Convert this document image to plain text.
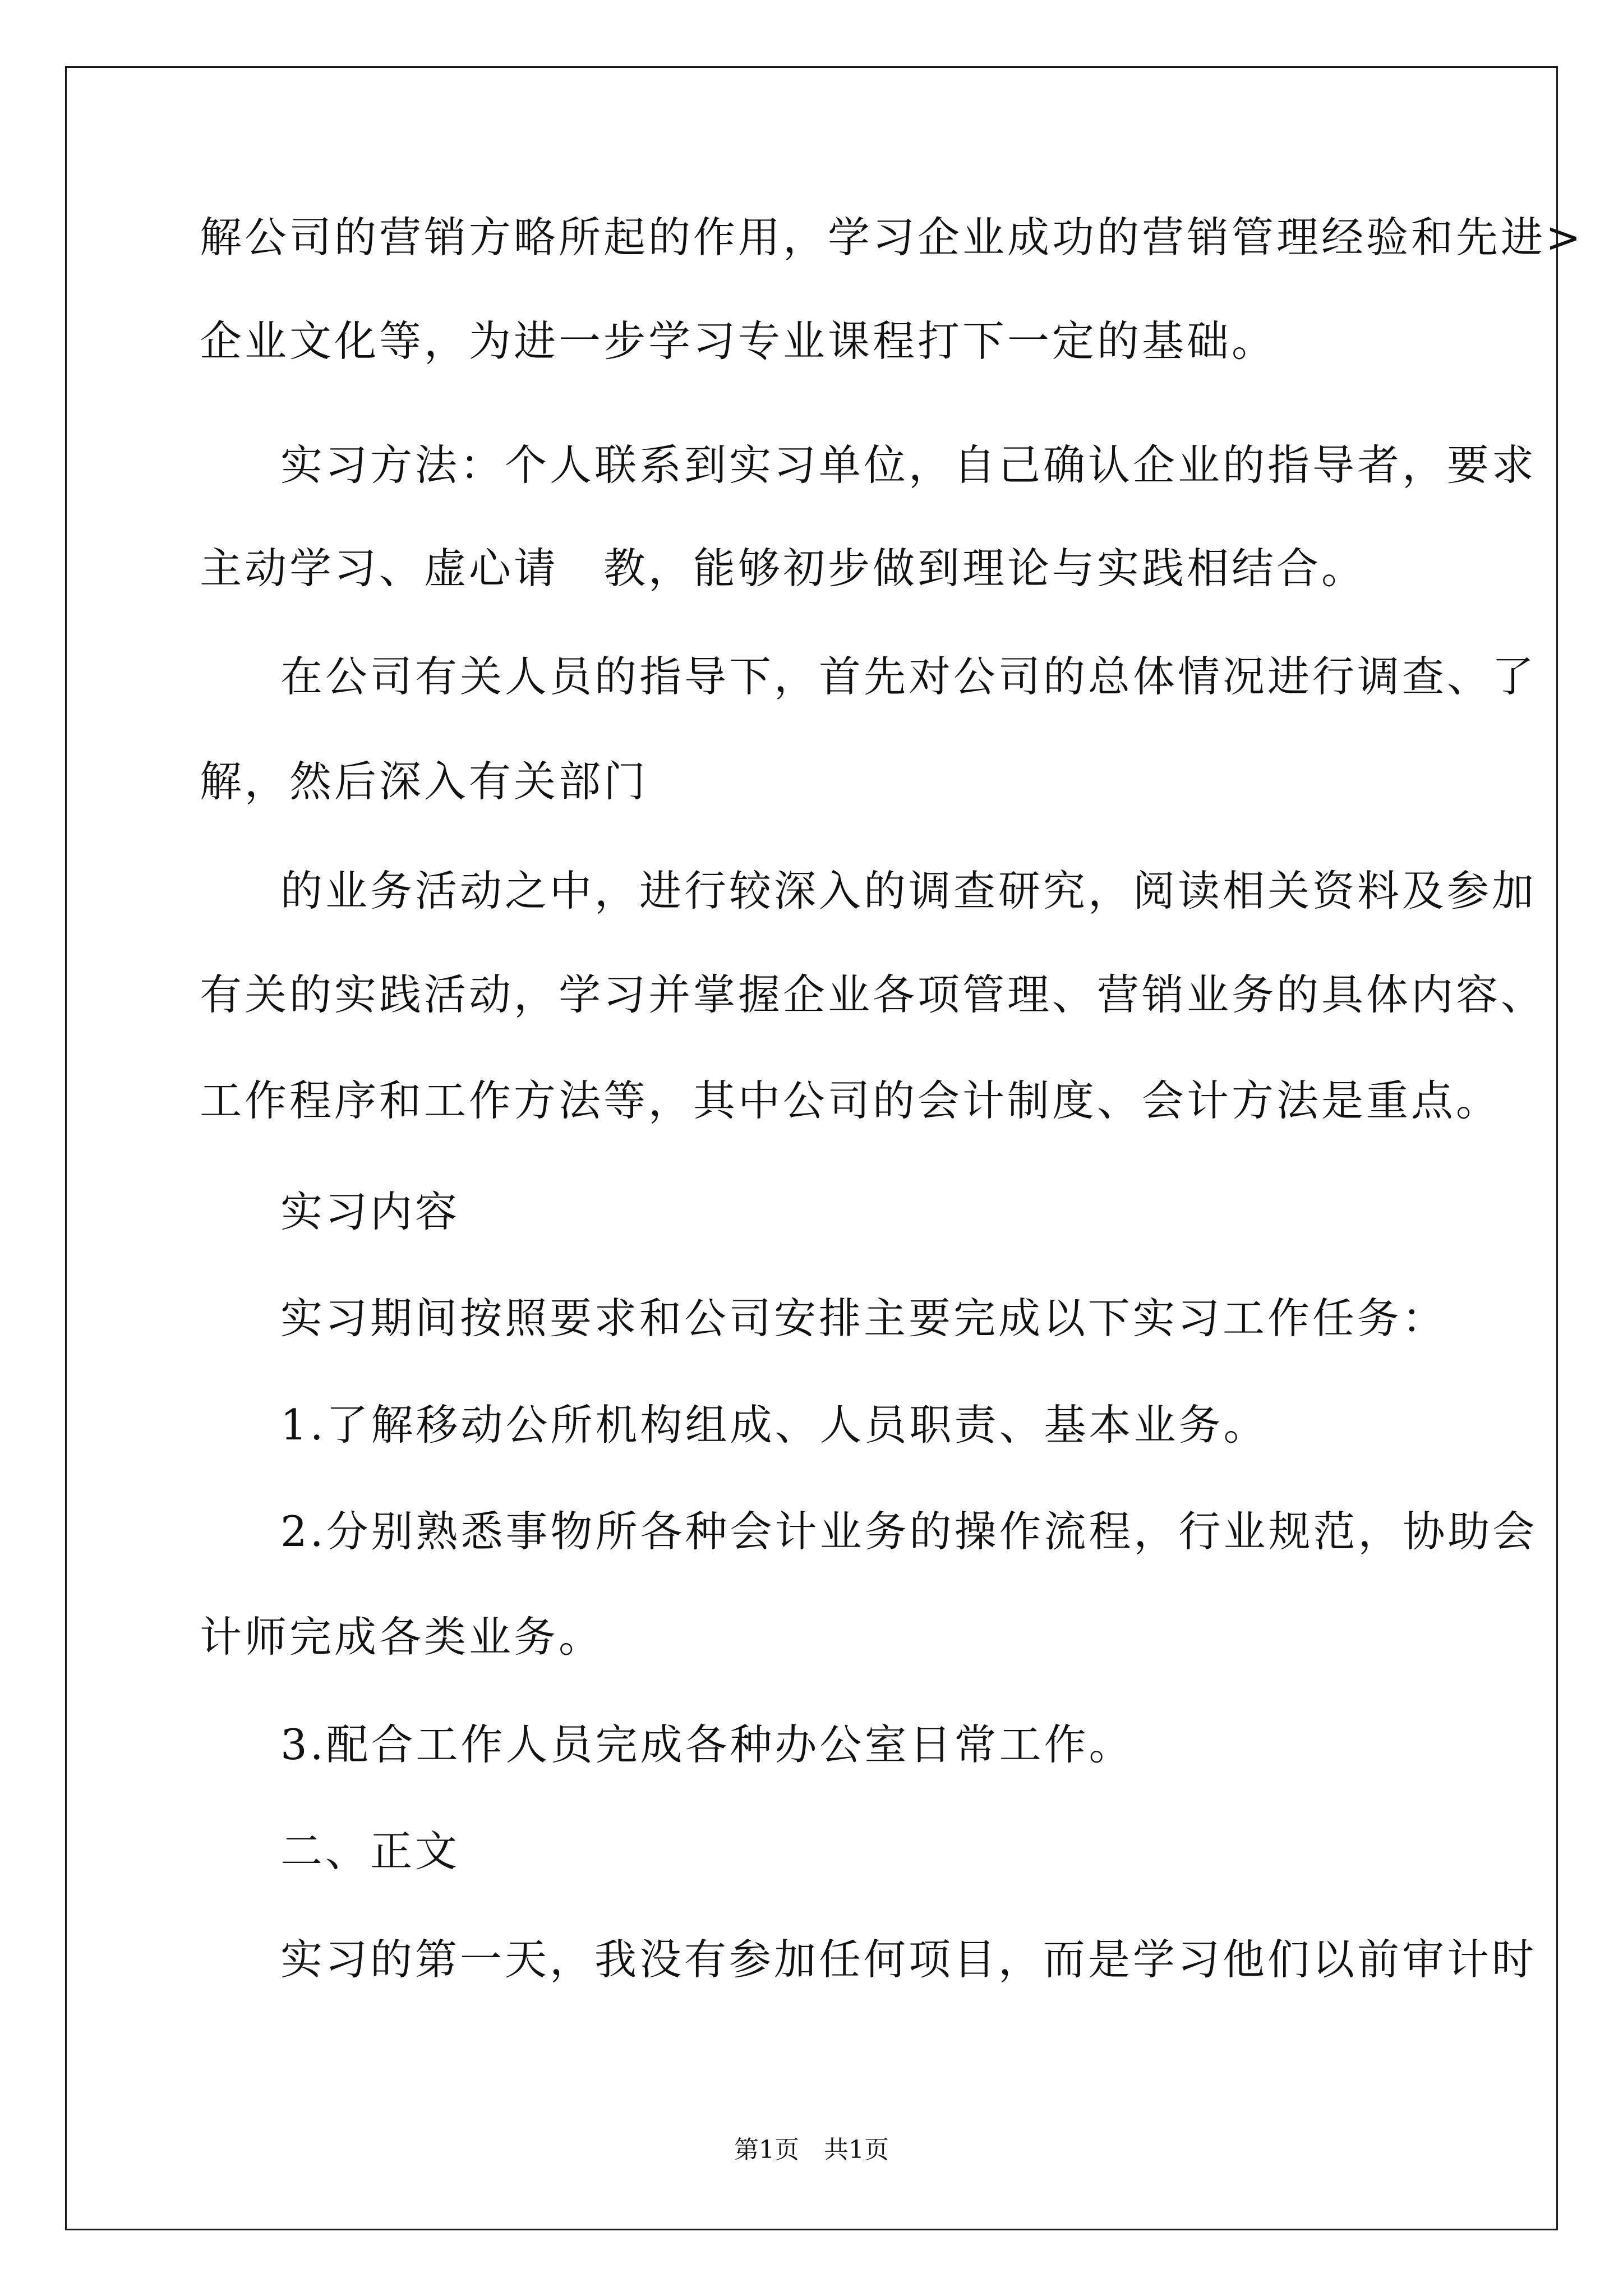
解公司的营销方略所起的作用，学习企业成功的营销管理经验和先进>
企业文化等，为进一步学习专业课程打下一定的基础。
实习方法：个人联系到实习单位，自己确认企业的指导者，要求
主动学习、虚心请　教，能够初步做到理论与实践相结合。
在公司有关人员的指导下，首先对公司的总体情况进行调查、了
解，然后深入有关部门
的业务活动之中，进行较深入的调查研究，阅读相关资料及参加
有关的实践活动，学习并掌握企业各项管理、营销业务的具体内容、
工作程序和工作方法等，其中公司的会计制度、会计方法是重点。
实习内容
实习期间按照要求和公司安排主要完成以下实习工作任务：
1.了解移动公所机构组成、人员职责、基本业务。
2.分别熟悉事物所各种会计业务的操作流程，行业规范，协助会
计师完成各类业务。
3.配合工作人员完成各种办公室日常工作。
二、正文
实习的第一天，我没有参加任何项目，而是学习他们以前审计时
第1页　共1页
